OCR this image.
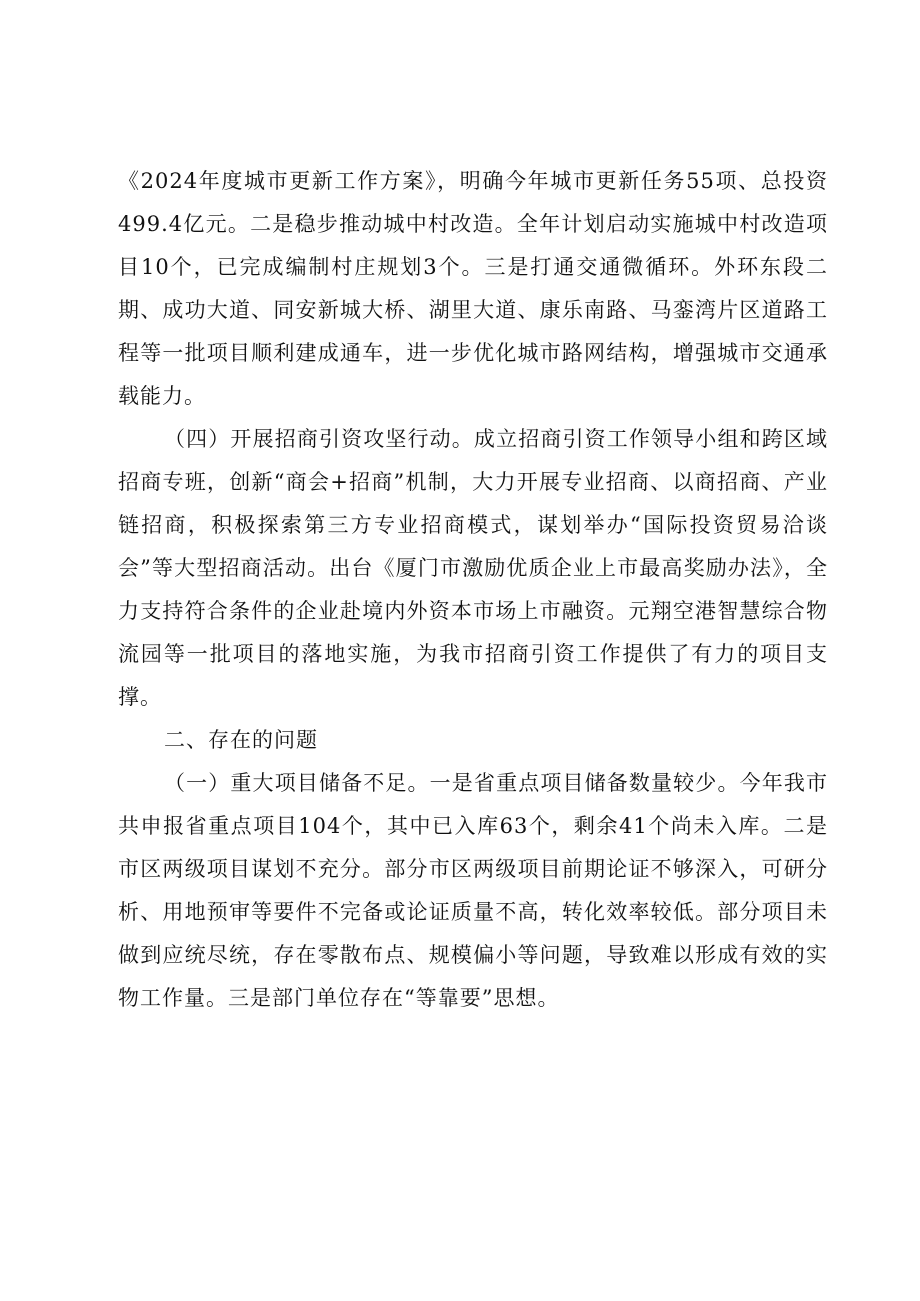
《2024年度城市更新工作方案》，明确今年城市更新任务55项、总投资499.4亿元。二是稳步推动城中村改造。全年计划启动实施城中村改造项目10个，已完成编制村庄规划3个。三是打通交通微循环。外环东段二期、成功大道、同安新城大桥、湖里大道、康乐南路、马銮湾片区道路工程等一批项目顺利建成通车，进一步优化城市路网结构，增强城市交通承载能力。

（四）开展招商引资攻坚行动。成立招商引资工作领导小组和跨区域招商专班，创新“商会+招商”机制，大力开展专业招商、以商招商、产业链招商，积极探索第三方专业招商模式，谋划举办“国际投资贸易洽谈会”等大型招商活动。出台《厦门市激励优质企业上市最高奖励办法》，全力支持符合条件的企业赴境内外资本市场上市融资。元翔空港智慧综合物流园等一批项目的落地实施，为我市招商引资工作提供了有力的项目支撑。

二、存在的问题

（一）重大项目储备不足。一是省重点项目储备数量较少。今年我市共申报省重点项目104个，其中已入库63个，剩余41个尚未入库。二是市区两级项目谋划不充分。部分市区两级项目前期论证不够深入，可研分析、用地预审等要件不完备或论证质量不高，转化效率较低。部分项目未做到应统尽统，存在零散布点、规模偏小等问题，导致难以形成有效的实物工作量。三是部门单位存在“等靠要”思想。
